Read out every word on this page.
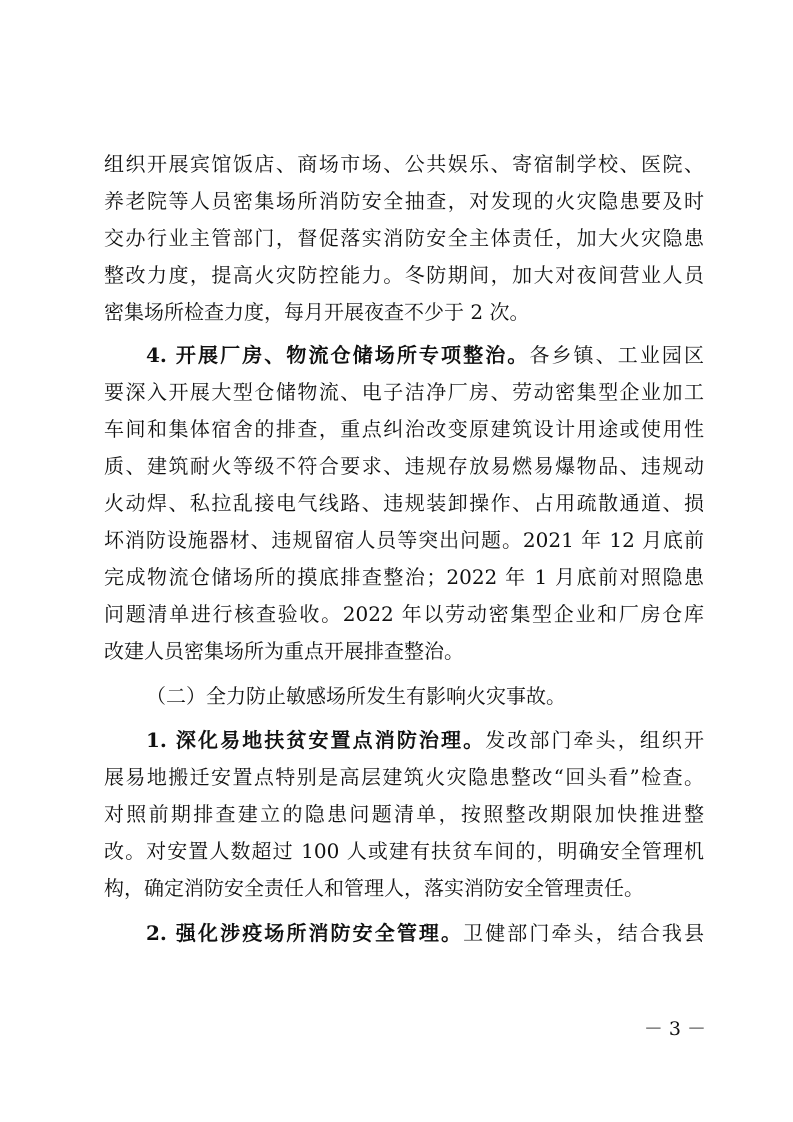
组织开展宾馆饭店、商场市场、公共娱乐、寄宿制学校、医院、
养老院等人员密集场所消防安全抽查，对发现的火灾隐患要及时
交办行业主管部门，督促落实消防安全主体责任，加大火灾隐患
整改力度，提高火灾防控能力。冬防期间，加大对夜间营业人员
密集场所检查力度，每月开展夜查不少于 2 次。
4. 开展厂房、物流仓储场所专项整治。各乡镇、工业园区
要深入开展大型仓储物流、电子洁净厂房、劳动密集型企业加工
车间和集体宿舍的排查，重点纠治改变原建筑设计用途或使用性
质、建筑耐火等级不符合要求、违规存放易燃易爆物品、违规动
火动焊、私拉乱接电气线路、违规装卸操作、占用疏散通道、损
坏消防设施器材、违规留宿人员等突出问题。2021 年 12 月底前
完成物流仓储场所的摸底排查整治；2022 年 1 月底前对照隐患
问题清单进行核查验收。2022 年以劳动密集型企业和厂房仓库
改建人员密集场所为重点开展排查整治。
（二）全力防止敏感场所发生有影响火灾事故。
1. 深化易地扶贫安置点消防治理。发改部门牵头，组织开
展易地搬迁安置点特别是高层建筑火灾隐患整改“回头看”检查。
对照前期排查建立的隐患问题清单，按照整改期限加快推进整
改。对安置人数超过 100 人或建有扶贫车间的，明确安全管理机
构，确定消防安全责任人和管理人，落实消防安全管理责任。
2. 强化涉疫场所消防安全管理。卫健部门牵头，结合我县
－ 3 －
